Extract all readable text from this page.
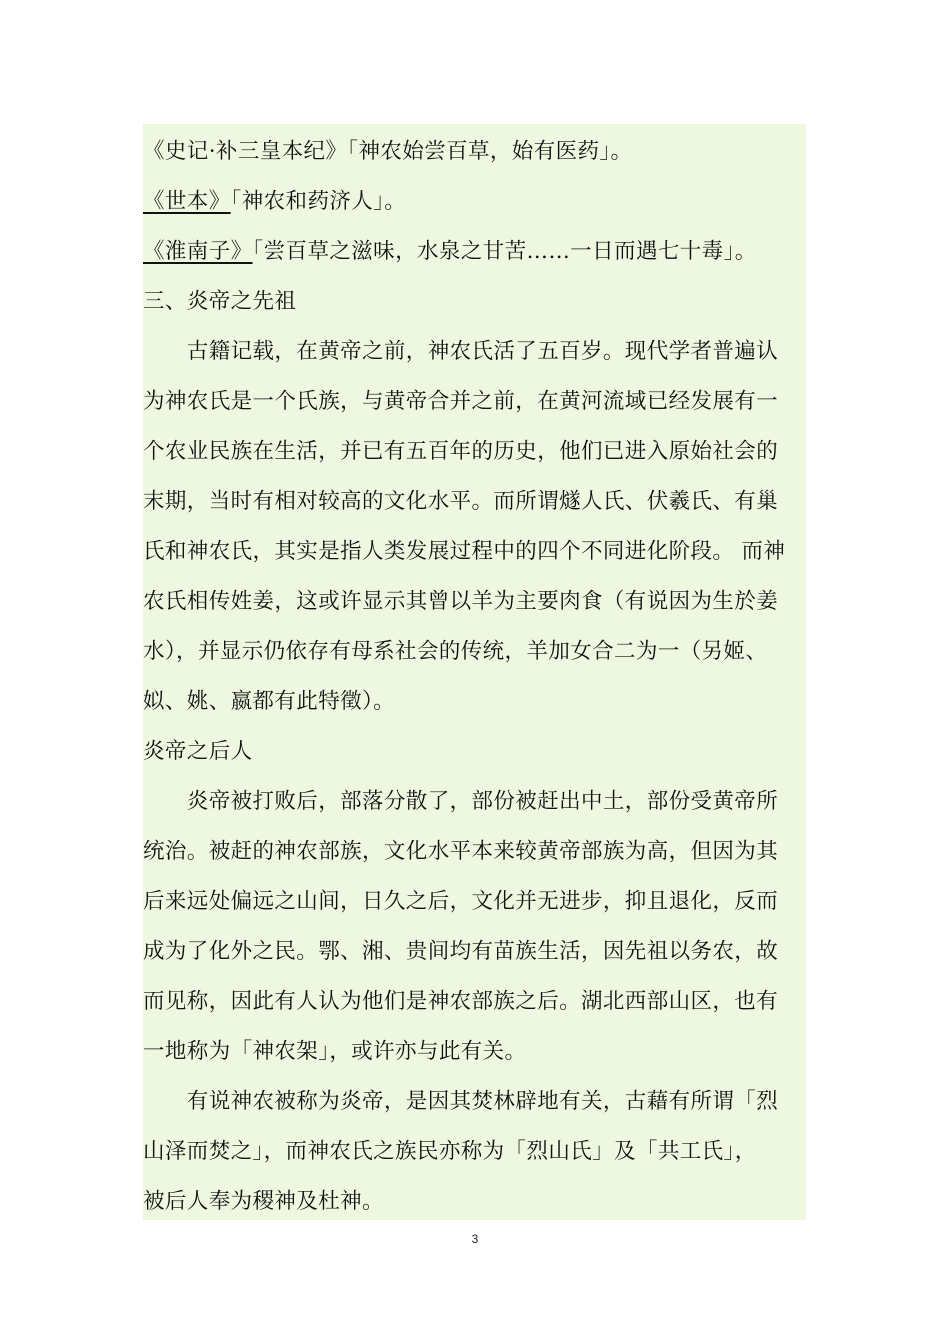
《史记·补三皇本纪》「神农始尝百草，始有医药」。
《世本》「神农和药济人」。
《淮南子》「尝百草之滋味，水泉之甘苦……一日而遇七十毒」。
三、炎帝之先祖
　　古籍记载，在黄帝之前，神农氏活了五百岁。现代学者普遍认
为神农氏是一个氏族，与黄帝合并之前，在黄河流域已经发展有一
个农业民族在生活，并已有五百年的历史，他们已进入原始社会的
末期，当时有相对较高的文化水平。而所谓燧人氏、伏羲氏、有巢
氏和神农氏，其实是指人类发展过程中的四个不同进化阶段。 而神
农氏相传姓姜，这或许显示其曾以羊为主要肉食（有说因为生於姜
水），并显示仍依存有母系社会的传统，羊加女合二为一（另姬、
姒、姚、嬴都有此特徵）。
炎帝之后人
　　炎帝被打败后，部落分散了，部份被赶出中土，部份受黄帝所
统治。被赶的神农部族，文化水平本来较黄帝部族为高，但因为其
后来远处偏远之山间，日久之后，文化并无进步，抑且退化，反而
成为了化外之民。鄂、湘、贵间均有苗族生活，因先祖以务农，故
而见称，因此有人认为他们是神农部族之后。湖北西部山区，也有
一地称为「神农架」，或许亦与此有关。
　　有说神农被称为炎帝，是因其焚林辟地有关，古藉有所谓「烈
山泽而焚之」，而神农氏之族民亦称为「烈山氏」及「共工氏」，
被后人奉为稷神及杜神。
3
